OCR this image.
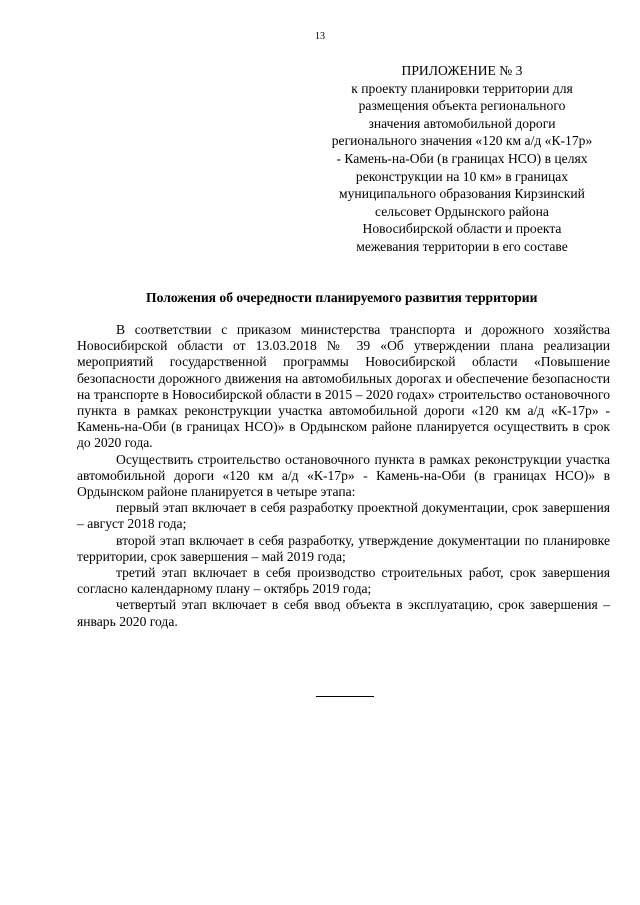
13
ПРИЛОЖЕНИЕ № 3
к проекту планировки территории для
размещения объекта регионального
значения автомобильной дороги
регионального значения «120 км а/д «К-17р»
- Камень-на-Оби (в границах НСО) в целях
реконструкции на 10 км» в границах
муниципального образования Кирзинский
сельсовет Ордынского района
Новосибирской области и проекта
межевания территории в его составе
Положения об очередности планируемого развития территории

В соответствии с приказом министерства транспорта и дорожного хозяйства Новосибирской области от 13.03.2018 № 39 «Об утверждении плана реализации мероприятий государственной программы Новосибирской области «Повышение безопасности дорожного движения на автомобильных дорогах и обеспечение безопасности на транспорте в Новосибирской области в 2015 – 2020 годах» строительство остановочного пункта в рамках реконструкции участка автомобильной дороги «120 км а/д «К-17р» - Камень-на-Оби (в границах НСО)» в Ордынском районе планируется осуществить в срок до 2020 года.

Осуществить строительство остановочного пункта в рамках реконструкции участка автомобильной дороги «120 км а/д «К-17р» - Камень-на-Оби (в границах НСО)» в Ордынском районе планируется в четыре этапа:

первый этап включает в себя разработку проектной документации, срок завершения – август 2018 года;

второй этап включает в себя разработку, утверждение документации по планировке территории, срок завершения – май 2019 года;

третий этап включает в себя производство строительных работ, срок завершения согласно календарному плану – октябрь 2019 года;

четвертый этап включает в себя ввод объекта в эксплуатацию, срок завершения – январь 2020 года.
